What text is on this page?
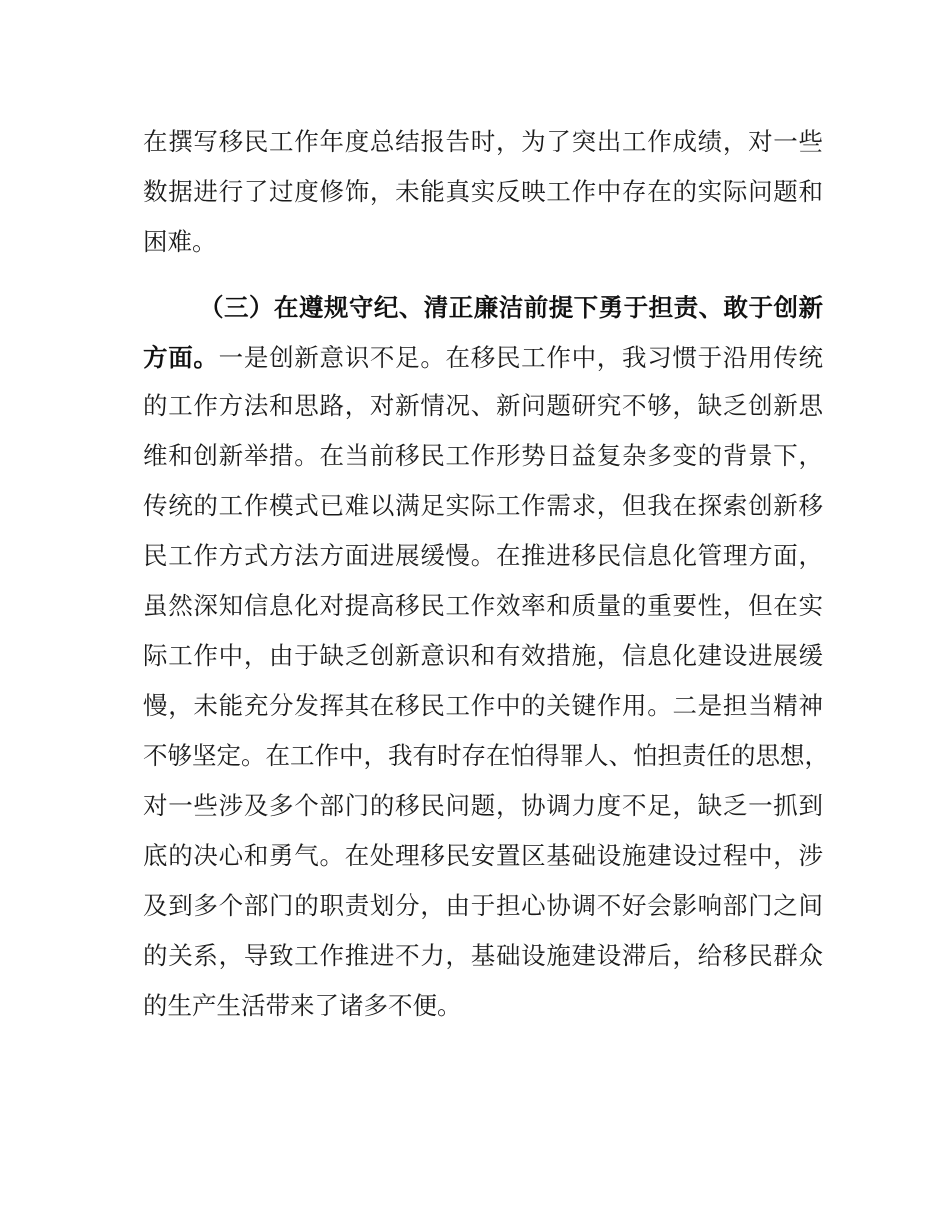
在撰写移民工作年度总结报告时，为了突出工作成绩，对一些
数据进行了过度修饰，未能真实反映工作中存在的实际问题和
困难。
（三）在遵规守纪、清正廉洁前提下勇于担责、敢于创新
方面。一是创新意识不足。在移民工作中，我习惯于沿用传统
的工作方法和思路，对新情况、新问题研究不够，缺乏创新思
维和创新举措。在当前移民工作形势日益复杂多变的背景下，
传统的工作模式已难以满足实际工作需求，但我在探索创新移
民工作方式方法方面进展缓慢。在推进移民信息化管理方面，
虽然深知信息化对提高移民工作效率和质量的重要性，但在实
际工作中，由于缺乏创新意识和有效措施，信息化建设进展缓
慢，未能充分发挥其在移民工作中的关键作用。二是担当精神
不够坚定。在工作中，我有时存在怕得罪人、怕担责任的思想，
对一些涉及多个部门的移民问题，协调力度不足，缺乏一抓到
底的决心和勇气。在处理移民安置区基础设施建设过程中，涉
及到多个部门的职责划分，由于担心协调不好会影响部门之间
的关系，导致工作推进不力，基础设施建设滞后，给移民群众
的生产生活带来了诸多不便。
